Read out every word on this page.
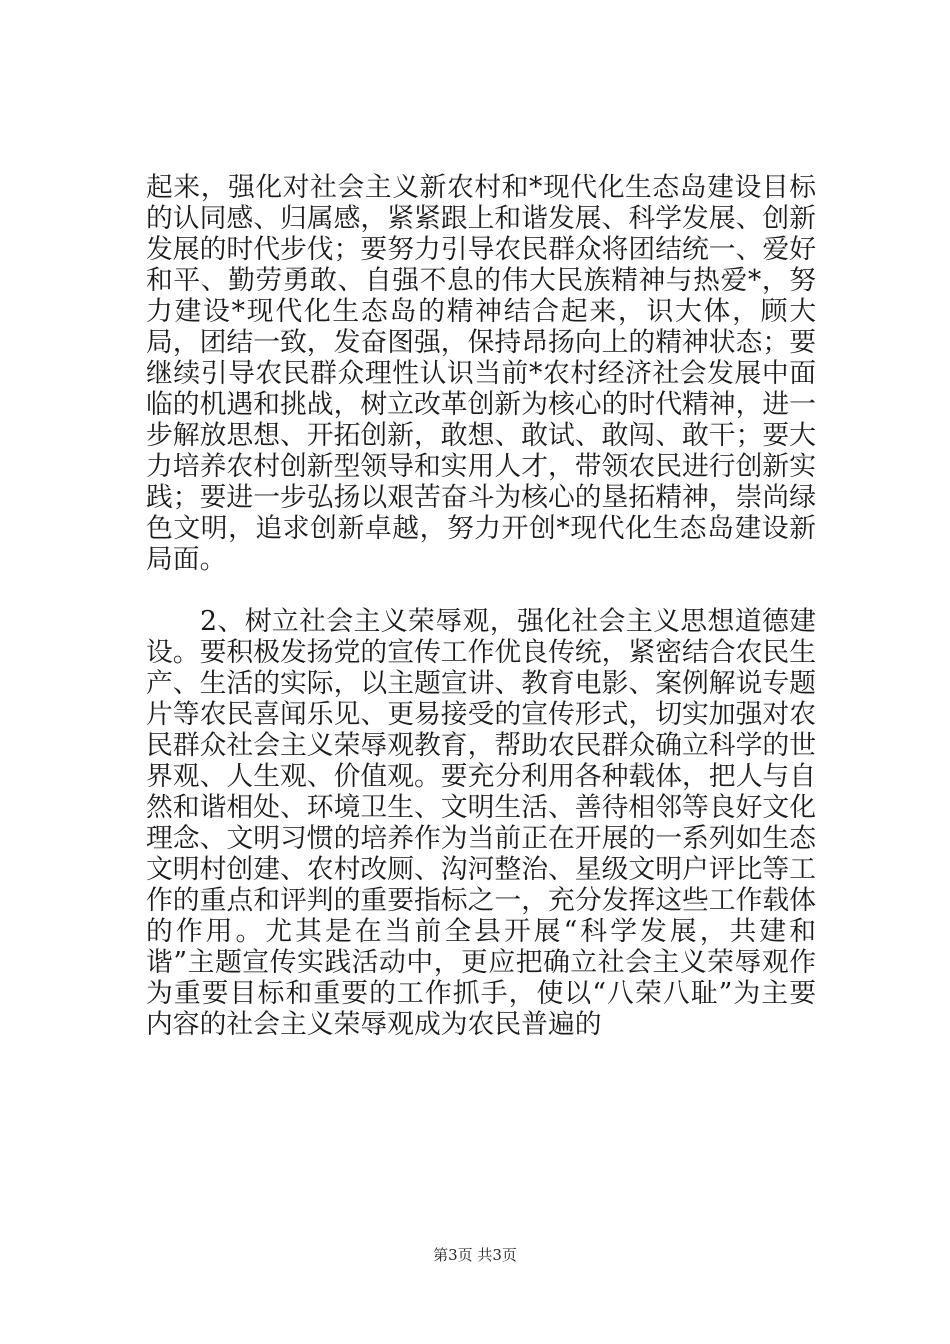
起来，强化对社会主义新农村和*现代化生态岛建设目标的认同感、归属感，紧紧跟上和谐发展、科学发展、创新发展的时代步伐；要努力引导农民群众将团结统一、爱好和平、勤劳勇敢、自强不息的伟大民族精神与热爱*，努力建设*现代化生态岛的精神结合起来，识大体，顾大局，团结一致，发奋图强，保持昂扬向上的精神状态；要继续引导农民群众理性认识当前*农村经济社会发展中面临的机遇和挑战，树立改革创新为核心的时代精神，进一步解放思想、开拓创新，敢想、敢试、敢闯、敢干；要大力培养农村创新型领导和实用人才，带领农民进行创新实践；要进一步弘扬以艰苦奋斗为核心的垦拓精神，崇尚绿色文明，追求创新卓越，努力开创*现代化生态岛建设新局面。

2、树立社会主义荣辱观，强化社会主义思想道德建设。要积极发扬党的宣传工作优良传统，紧密结合农民生产、生活的实际，以主题宣讲、教育电影、案例解说专题片等农民喜闻乐见、更易接受的宣传形式，切实加强对农民群众社会主义荣辱观教育，帮助农民群众确立科学的世界观、人生观、价值观。要充分利用各种载体，把人与自然和谐相处、环境卫生、文明生活、善待相邻等良好文化理念、文明习惯的培养作为当前正在开展的一系列如生态文明村创建、农村改厕、沟河整治、星级文明户评比等工作的重点和评判的重要指标之一，充分发挥这些工作载体的作用。尤其是在当前全县开展“科学发展，共建和谐”主题宣传实践活动中，更应把确立社会主义荣辱观作为重要目标和重要的工作抓手，使以“八荣八耻”为主要内容的社会主义荣辱观成为农民普遍的

第3页 共3页
